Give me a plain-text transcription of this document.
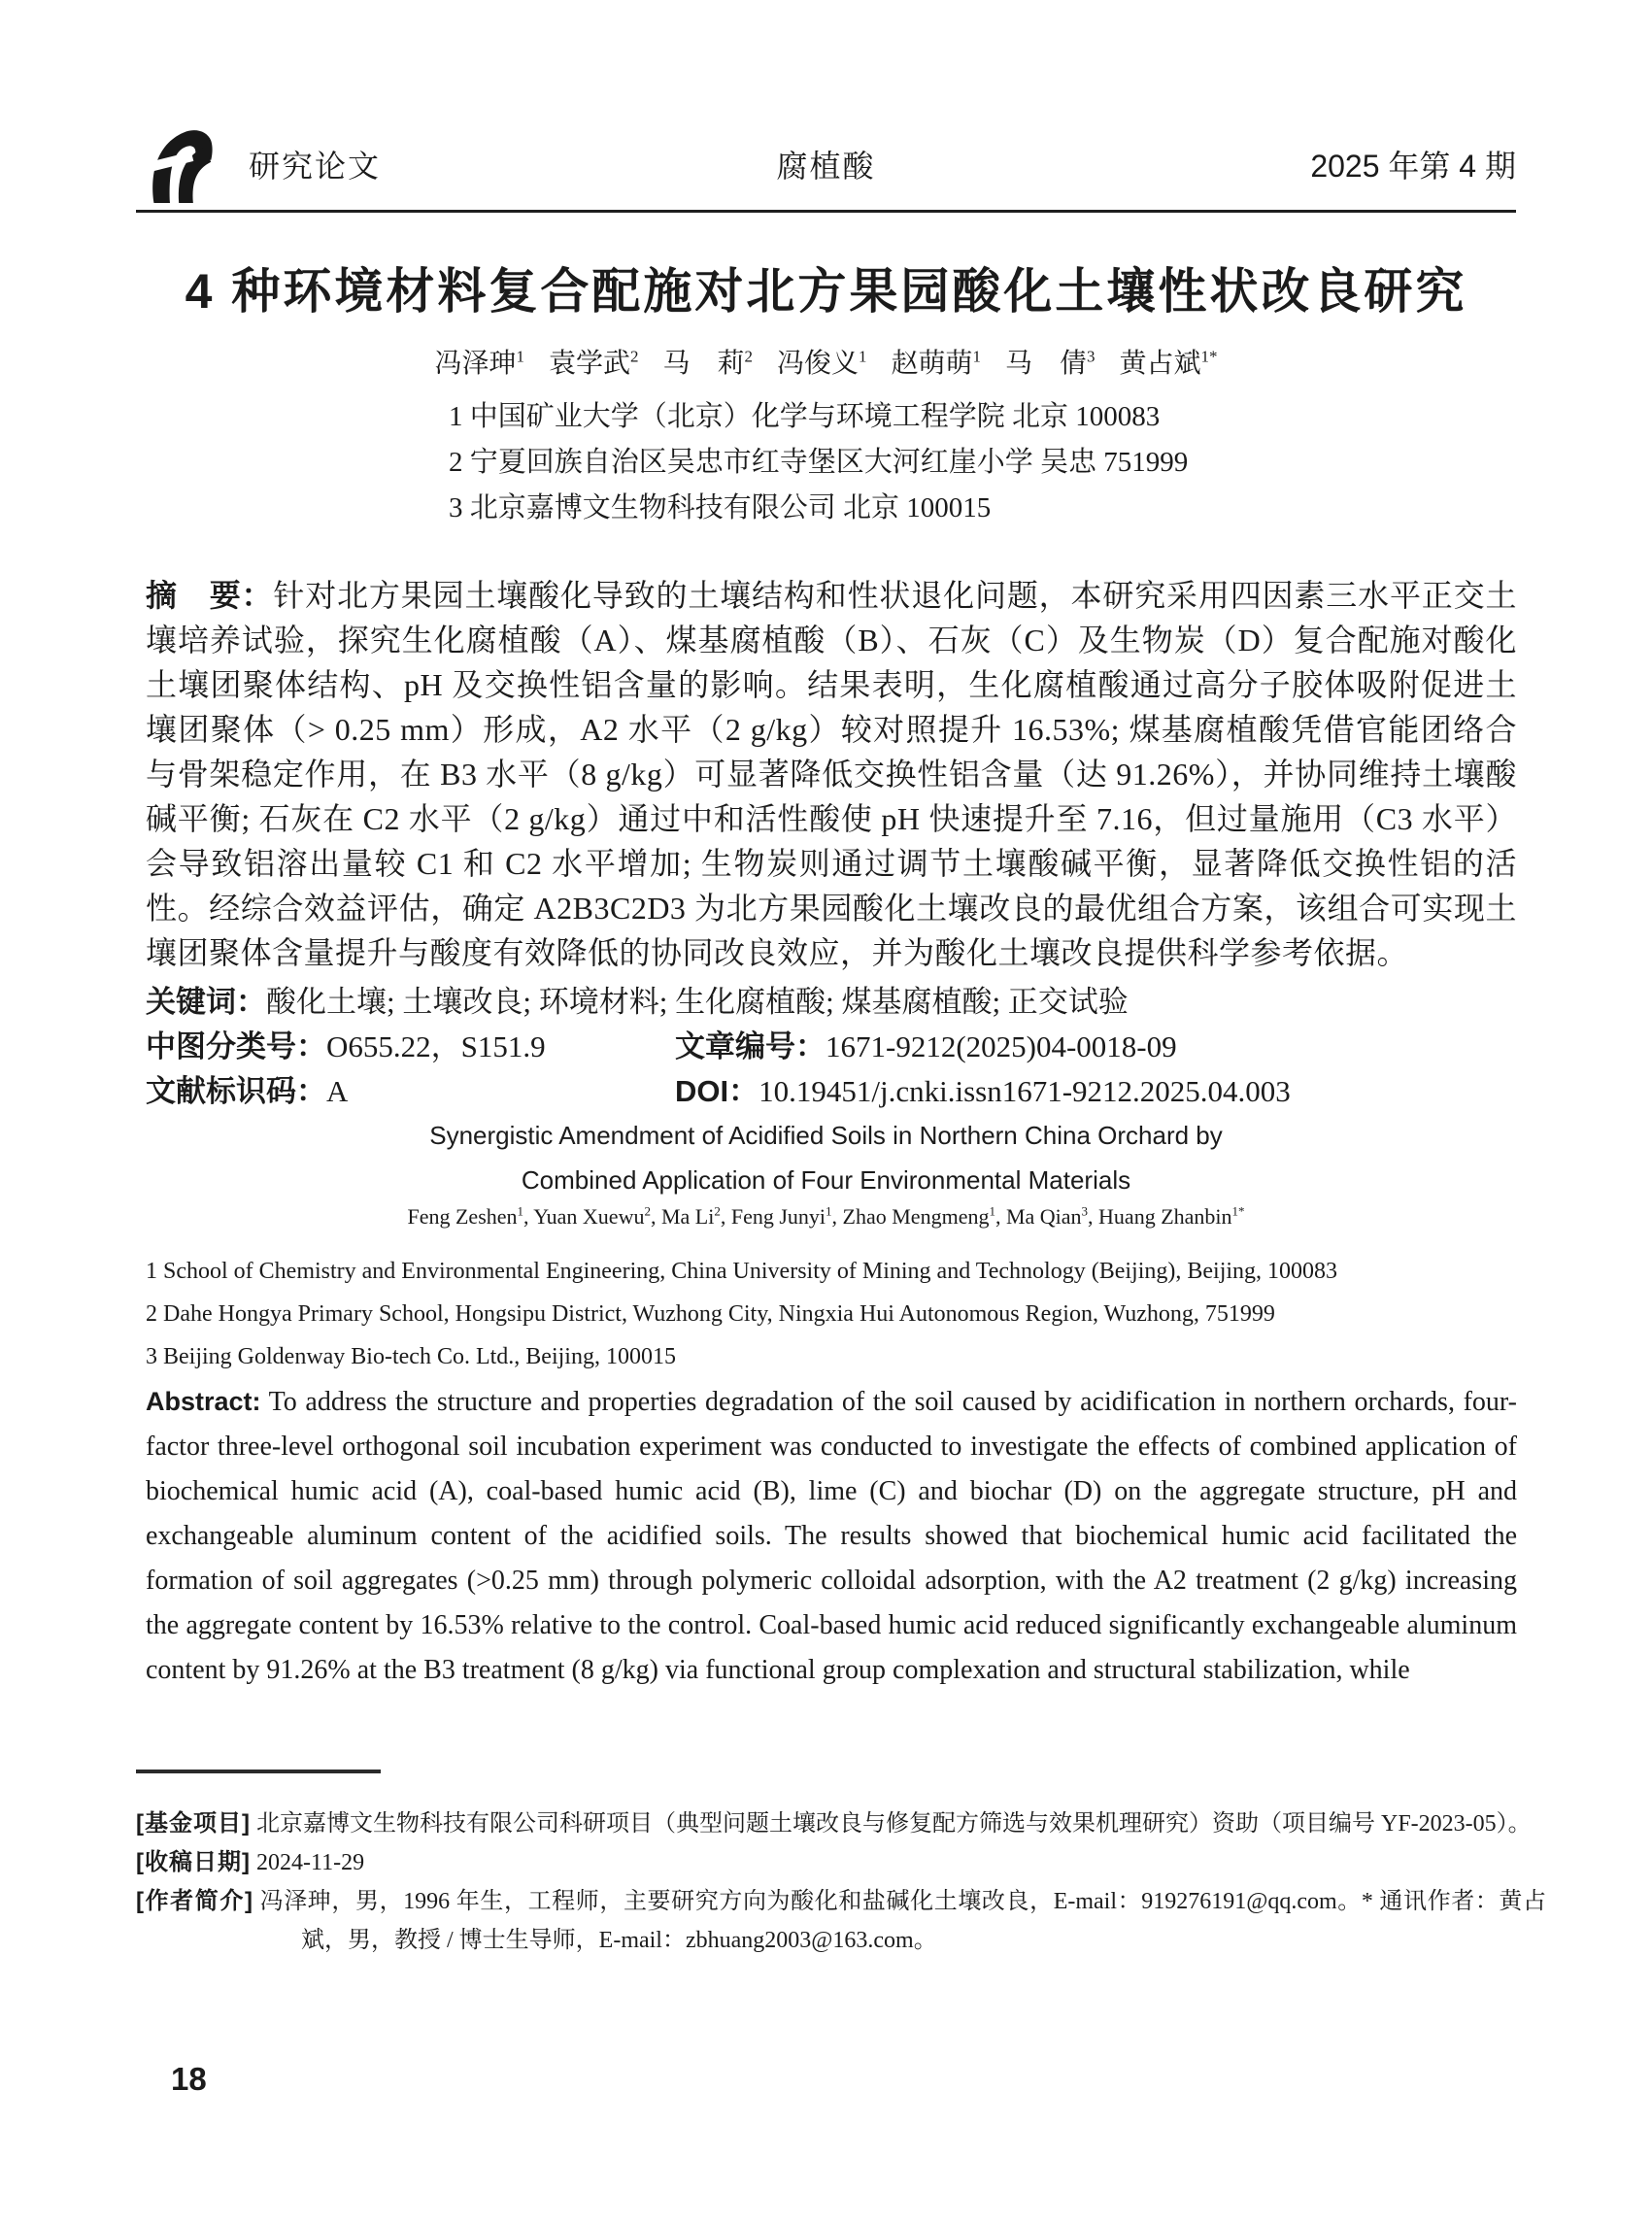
腐植酸
研究论文	2025 年第 4 期
4 种环境材料复合配施对北方果园酸化土壤性状改良研究
冯泽珅$^1$ 袁学武$^2$ 马　莉$^2$ 冯俊义$^1$ 赵萌萌$^1$ 马　倩$^3$ 黄占斌$^{1*}$
1 中国矿业大学（北京）化学与环境工程学院 北京 100083
2 宁夏回族自治区吴忠市红寺堡区大河红崖小学 吴忠 751999
3 北京嘉博文生物科技有限公司 北京 100015
摘　要：针对北方果园土壤酸化导致的土壤结构和性状退化问题，本研究采用四因素三水平正交土壤培养试验，探究生化腐植酸（A）、煤基腐植酸（B）、石灰（C）及生物炭（D）复合配施对酸化土壤团聚体结构、pH 及交换性铝含量的影响。结果表明，生化腐植酸通过高分子胶体吸附促进土壤团聚体（> 0.25 mm）形成，A2 水平（2 g/kg）较对照提升 16.53%; 煤基腐植酸凭借官能团络合与骨架稳定作用，在 B3 水平（8 g/kg）可显著降低交换性铝含量（达 91.26%），并协同维持土壤酸碱平衡; 石灰在 C2 水平（2 g/kg）通过中和活性酸使 pH 快速提升至 7.16，但过量施用（C3 水平）会导致铝溶出量较 C1 和 C2 水平增加; 生物炭则通过调节土壤酸碱平衡，显著降低交换性铝的活性。经综合效益评估，确定 A2B3C2D3 为北方果园酸化土壤改良的最优组合方案，该组合可实现土壤团聚体含量提升与酸度有效降低的协同改良效应，并为酸化土壤改良提供科学参考依据。
关键词：酸化土壤; 土壤改良; 环境材料; 生化腐植酸; 煤基腐植酸; 正交试验
中图分类号：O655.22，S151.9	文章编号：1671-9212(2025)04-0018-09
文献标识码：A	DOI：10.19451/j.cnki.issn1671-9212.2025.04.003
Synergistic Amendment of Acidified Soils in Northern China Orchard by
Combined Application of Four Environmental Materials
Feng Zeshen$^1$, Yuan Xuewu$^2$, Ma Li$^2$, Feng Junyi$^1$, Zhao Mengmeng$^1$, Ma Qian$^3$, Huang Zhanbin$^{1*}$
1 School of Chemistry and Environmental Engineering, China University of Mining and Technology (Beijing), Beijing, 100083
2 Dahe Hongya Primary School, Hongsipu District, Wuzhong City, Ningxia Hui Autonomous Region, Wuzhong, 751999
3 Beijing Goldenway Bio-tech Co. Ltd., Beijing, 100015
Abstract: To address the structure and properties degradation of the soil caused by acidification in northern orchards, four-factor three-level orthogonal soil incubation experiment was conducted to investigate the effects of combined application of biochemical humic acid (A), coal-based humic acid (B), lime (C) and biochar (D) on the aggregate structure, pH and exchangeable aluminum content of the acidified soils. The results showed that biochemical humic acid facilitated the formation of soil aggregates (>0.25 mm) through polymeric colloidal adsorption, with the A2 treatment (2 g/kg) increasing the aggregate content by 16.53% relative to the control. Coal-based humic acid reduced significantly exchangeable aluminum content by 91.26% at the B3 treatment (8 g/kg) via functional group complexation and structural stabilization, while
[基金项目] 北京嘉博文生物科技有限公司科研项目（典型问题土壤改良与修复配方筛选与效果机理研究）资助（项目编号 YF-2023-05）。
[收稿日期] 2024-11-29
[作者简介] 冯泽珅，男，1996 年生，工程师，主要研究方向为酸化和盐碱化土壤改良，E-mail：919276191@qq.com。* 通讯作者：黄占斌，男，教授 / 博士生导师，E-mail：zbhuang2003@163.com。
18
